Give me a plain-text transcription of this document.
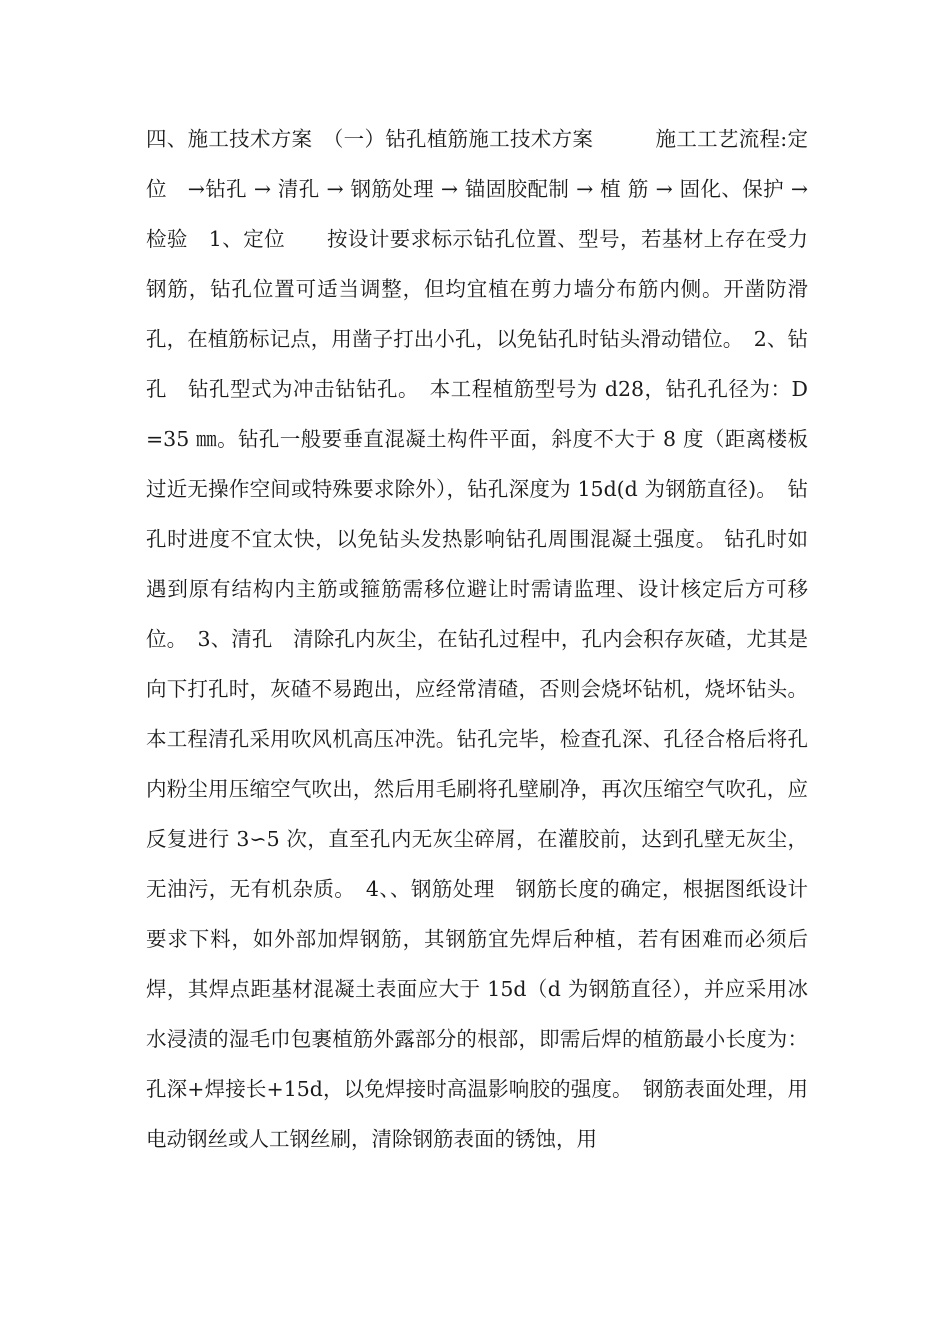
四、施工技术方案　（一）钻孔植筋施工技术方案　　　施工工艺流程:定位　→钻孔 → 清孔 → 钢筋处理 → 锚固胶配制 → 植 筋 → 固化、保护 → 检验　1、定位　　按设计要求标示钻孔位置、型号，若基材上存在受力钢筋，钻孔位置可适当调整，但均宜植在剪力墙分布筋内侧。开凿防滑孔，在植筋标记点，用凿子打出小孔，以免钻孔时钻头滑动错位。　2、钻孔　钻孔型式为冲击钻钻孔。　本工程植筋型号为 d28，钻孔孔径为：D=35 ㎜。钻孔一般要垂直混凝土构件平面，斜度不大于 8 度（距离楼板过近无操作空间或特殊要求除外），钻孔深度为 15d(d 为钢筋直径)。　钻孔时进度不宜太快，以免钻头发热影响钻孔周围混凝土强度。 钻孔时如遇到原有结构内主筋或箍筋需移位避让时需请监理、设计核定后方可移位。　3、清孔　清除孔内灰尘，在钻孔过程中，孔内会积存灰碴，尤其是向下打孔时，灰碴不易跑出，应经常清碴，否则会烧坏钻机，烧坏钻头。本工程清孔采用吹风机高压冲洗。钻孔完毕，检查孔深、孔径合格后将孔内粉尘用压缩空气吹出，然后用毛刷将孔壁刷净，再次压缩空气吹孔，应反复进行 3∽5 次，直至孔内无灰尘碎屑，在灌胶前，达到孔壁无灰尘，无油污，无有机杂质。　4、、钢筋处理　钢筋长度的确定，根据图纸设计要求下料，如外部加焊钢筋，其钢筋宜先焊后种植，若有困难而必须后焊，其焊点距基材混凝土表面应大于 15d（d 为钢筋直径），并应采用冰水浸渍的湿毛巾包裹植筋外露部分的根部，即需后焊的植筋最小长度为：孔深+焊接长+15d，以免焊接时高温影响胶的强度。　钢筋表面处理，用电动钢丝或人工钢丝刷，清除钢筋表面的锈蚀，用
